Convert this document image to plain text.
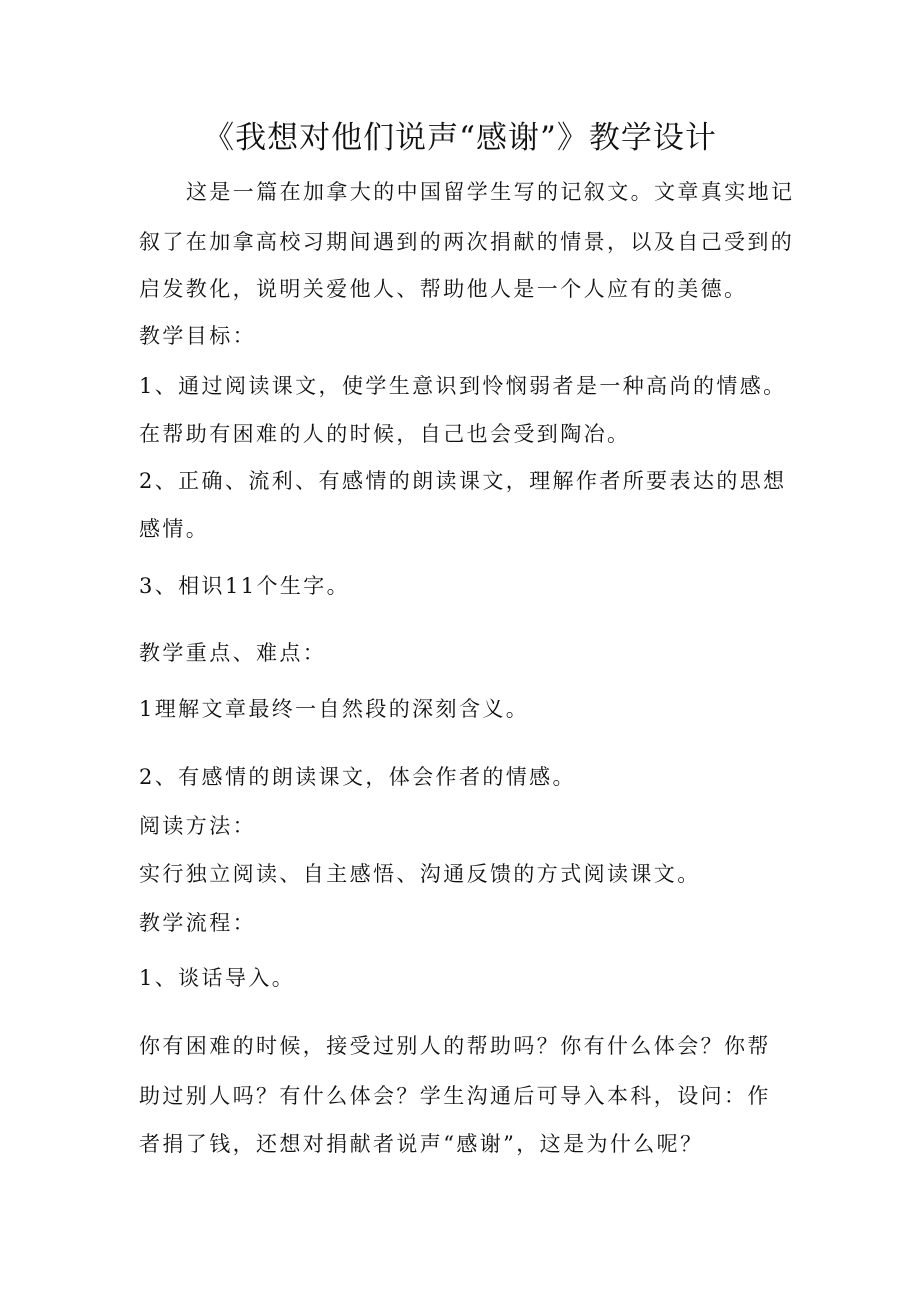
《我想对他们说声“感谢”》教学设计
这是一篇在加拿大的中国留学生写的记叙文。文章真实地记
叙了在加拿高校习期间遇到的两次捐献的情景，以及自己受到的
启发教化，说明关爱他人、帮助他人是一个人应有的美德。
教学目标：
1、通过阅读课文，使学生意识到怜悯弱者是一种高尚的情感。
在帮助有困难的人的时候，自己也会受到陶冶。
2、正确、流利、有感情的朗读课文，理解作者所要表达的思想
感情。
3、相识11个生字。
教学重点、难点：
1理解文章最终一自然段的深刻含义。
2、有感情的朗读课文，体会作者的情感。
阅读方法：
实行独立阅读、自主感悟、沟通反馈的方式阅读课文。
教学流程：
1、谈话导入。
你有困难的时候，接受过别人的帮助吗？你有什么体会？你帮
助过别人吗？有什么体会？学生沟通后可导入本科，设问：作
者捐了钱，还想对捐献者说声“感谢”，这是为什么呢？
